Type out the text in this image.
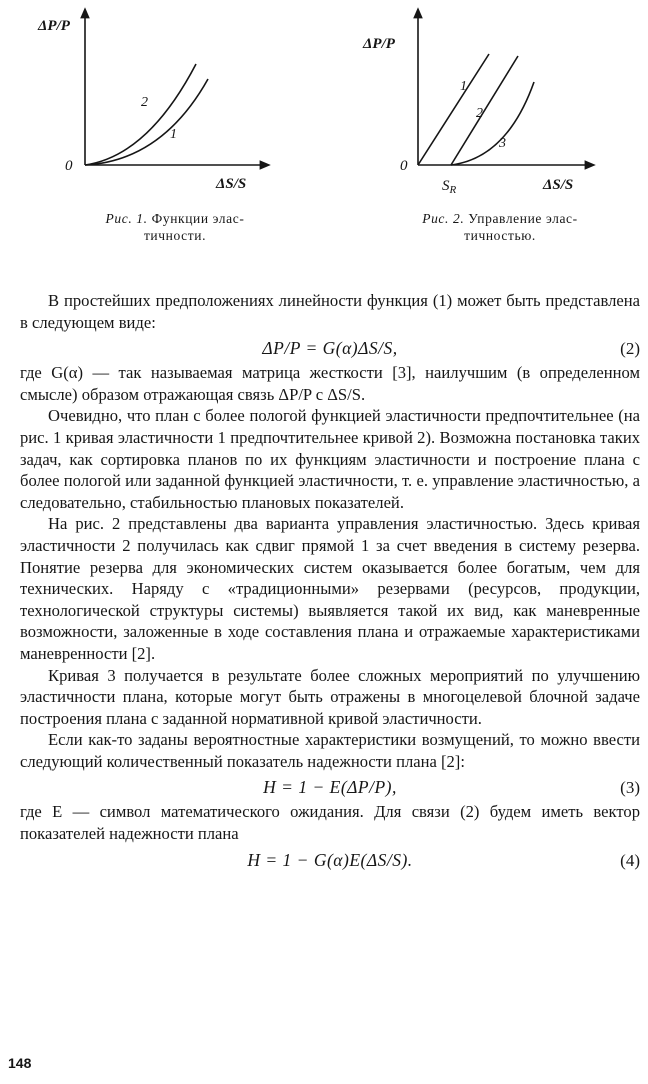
ΔP/P
ΔS/S
0
1
2
ΔP/P
ΔS/S
0
$S_R$
1
2
3
Рис. 1. Функции элас-
тичности.
Рис. 2. Управление элас-
тичностью.

В простейших предположениях линейности функция (1) может быть представлена в следующем виде:

ΔP/P = G(α)ΔS/S,	(2)

где G(α) — так называемая матрица жесткости [3], наилучшим (в определенном смысле) образом отражающая связь ΔP/P с ΔS/S.

Очевидно, что план с более пологой функцией эластичности предпочтительнее (на рис. 1 кривая эластичности 1 предпочтительнее кривой 2). Возможна постановка таких задач, как сортировка планов по их функциям эластичности и построение плана с более пологой или заданной функцией эластичности, т. е. управление эластичностью, а следовательно, стабильностью плановых показателей.

На рис. 2 представлены два варианта управления эластичностью. Здесь кривая эластичности 2 получилась как сдвиг прямой 1 за счет введения в систему резерва. Понятие резерва для экономических систем оказывается более богатым, чем для технических. Наряду с «традиционными» резервами (ресурсов, продукции, технологической структуры системы) выявляется такой их вид, как маневренные возможности, заложенные в ходе составления плана и отражаемые характеристиками маневренности [2].

Кривая 3 получается в результате более сложных мероприятий по улучшению эластичности плана, которые могут быть отражены в многоцелевой блочной задаче построения плана с заданной нормативной кривой эластичности.

Если как-то заданы вероятностные характеристики возмущений, то можно ввести следующий количественный показатель надежности плана [2]:

H = 1 − E(ΔP/P),	(3)

где E — символ математического ожидания. Для связи (2) будем иметь вектор показателей надежности плана

H = 1 − G(α)E(ΔS/S).	(4)
148
